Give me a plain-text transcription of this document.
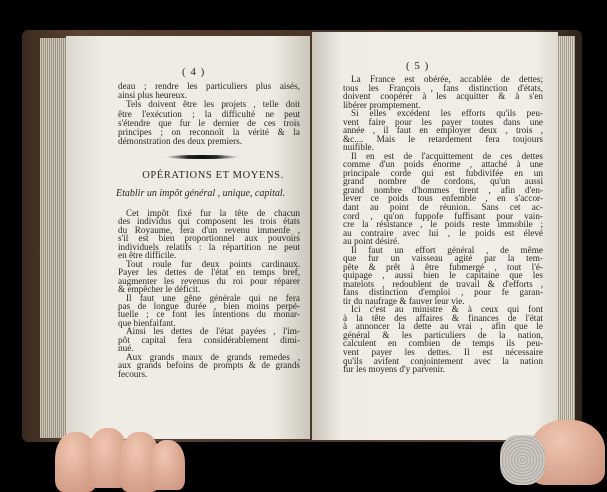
( 4 )
deau ; rendre les particuliers plus aisés,
ainsi plus heureux.
Tels doivent être les projets , telle doit
être l'exécution ; la difficulté ne peut
s'étendre que fur le dernier de ces trois
principes ; on reconnoît la vérité & la
démonstration des deux premiers.
OPÉRATIONS ET MOYENS.
Etablir un impôt général , unique, capital.
Cet impôt fixé fur la tête de chacun
des individus qui composent les trois états
du Royaume, fera d'un revenu immenfe ,
s'il est bien proportionnel aux pouvoirs
individuels relatifs : la répartition ne peut
en être difficile.
Tout roule fur deux points cardinaux.
Payer les dettes de l'état en temps bref,
augmenter les revenus du roi pour réparer
& empêcher le déficit.
Il faut une gêne générale qui ne fera
pas de longue durée , bien moins perpé-
tuelle ; ce font les intentions du monar-
que bienfaifant.
Ainsi les dettes de l'état payées , l'im-
pôt capital fera considérablement dimi-
nué.
Aux grands maux de grands remedes ,
aux grands befoins de prompts & de grands
fecours.
( 5 )
La France est obérée, accablée de dettes;
tous les François , fans distinction d'états,
doivent coopérer à les acquitter & à s'en
libérer promptement.
Si elles excédent les efforts qu'ils peu-
vent faire pour les payer toutes dans une
année , il faut en employer deux , trois ,
&c.... Mais le retardement fera toujours
nuifible.
Il en est de l'acquittement de ces dettes
comme d'un poids énorme , attaché à une
principale corde qui est fubdivifée en un
grand nombre de cordons, qu'un aussi
grand nombre d'hommes tirent , afin d'en-
lever ce poids tous enfemble , en s'accor-
dant au point de réunion. Sans cet ac-
cord , qu'on fuppofe fuffisant pour vain-
cre la résistance , le poids reste immobile ;
au contraire avec lui , le poids est élevé
au point désiré.
Il faut un effort général , de même
que fur un vaisseau agité par la tem-
pête & prêt à être fubmergé , tout l'é-
quipage , aussi bien le capitaine que les
matelots , redoublent de travail & d'efforts ,
fans distinction d'emploi , pour fe garan-
tir du naufrage & fauver leur vie.
Ici c'est au ministre & à ceux qui font
à la tête des affaires & finances de l'état
à annoncer la dette au vrai , afin que le
général & les particuliers de la nation,
calculent en combien de temps ils peu-
vent payer les dettes. Il est nécessaire
qu'ils avifent conjointement avec la nation
fur les moyens d'y parvenir.
